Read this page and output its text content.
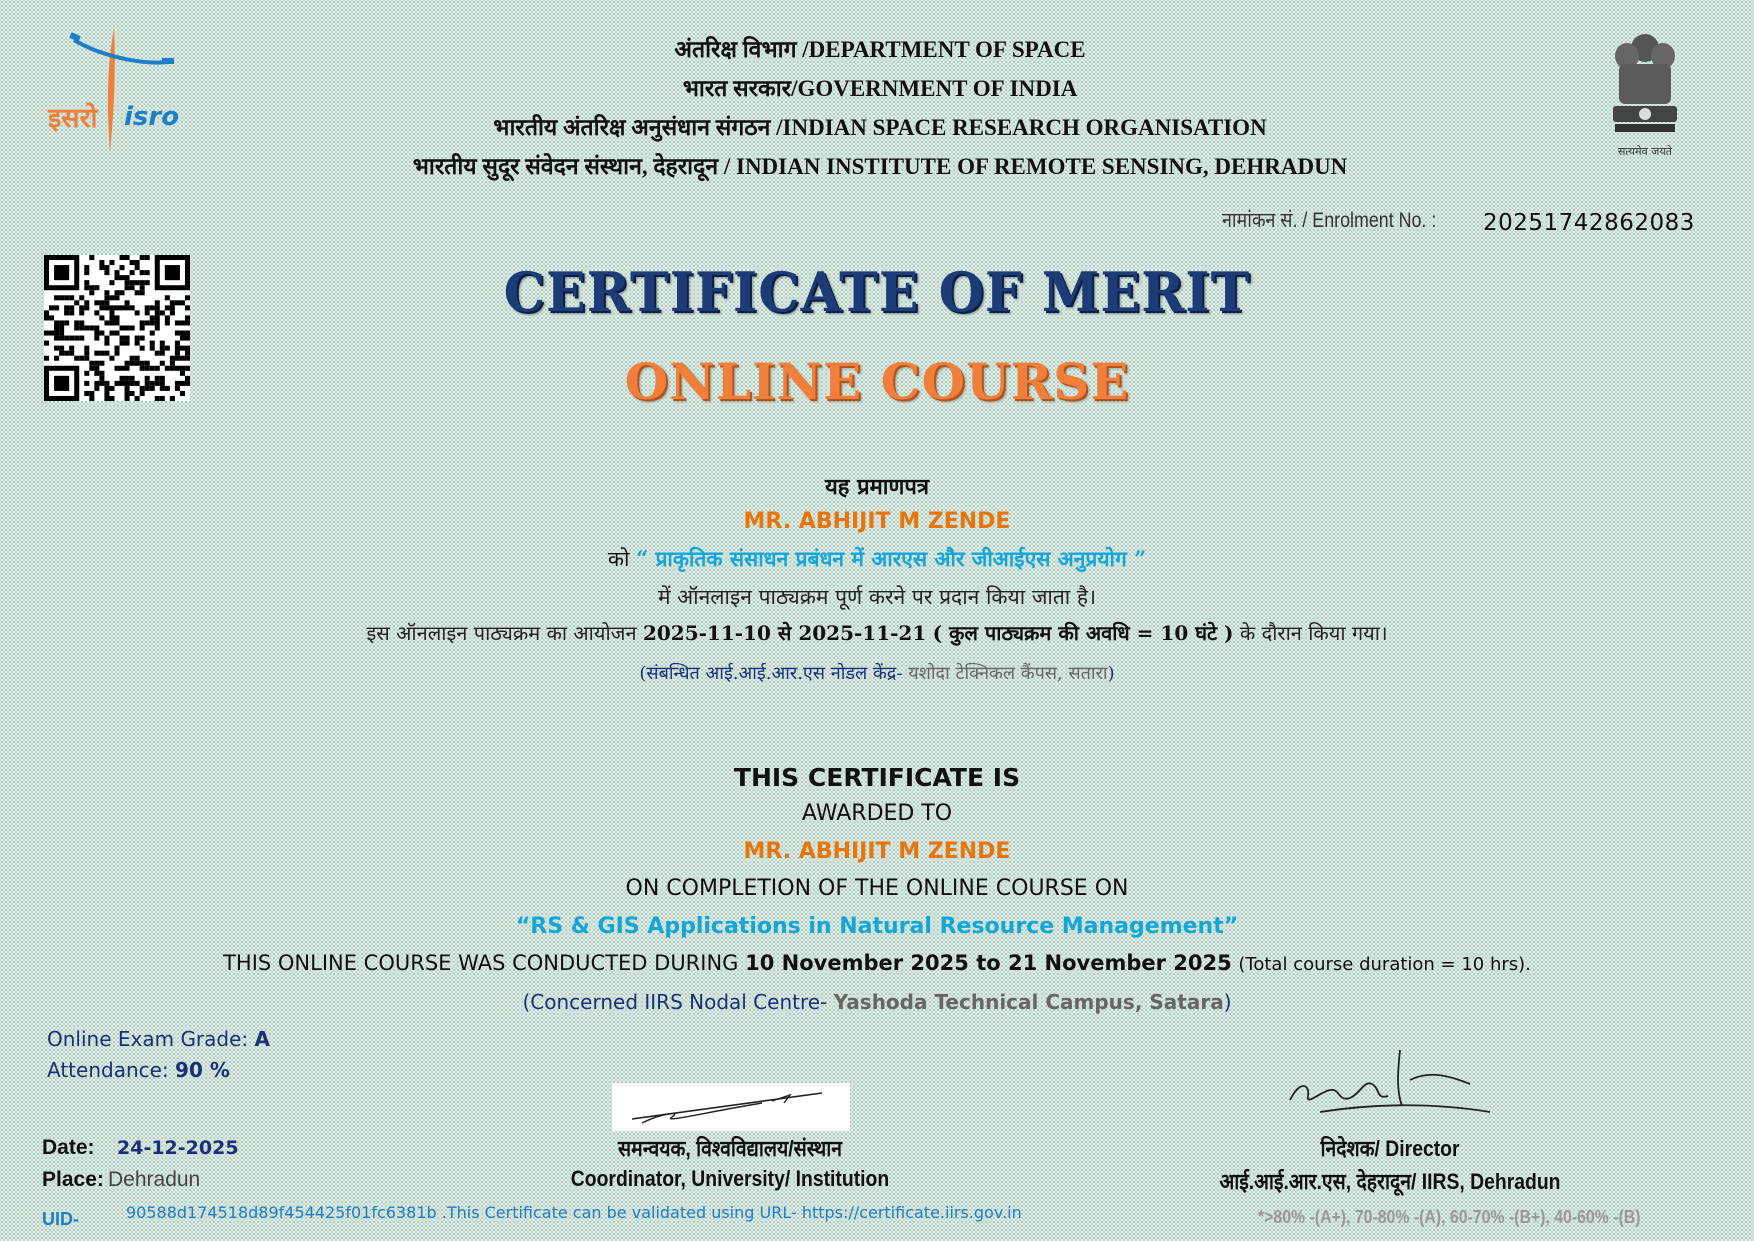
इसरो isro
अंतरिक्ष विभाग /DEPARTMENT OF SPACE
भारत सरकार/GOVERNMENT OF INDIA
भारतीय अंतरिक्ष अनुसंधान संगठन /INDIAN SPACE RESEARCH ORGANISATION
भारतीय सुदूर संवेदन संस्थान, देहरादून / INDIAN INSTITUTE OF REMOTE SENSING, DEHRADUN
सत्यमेव जयते
नामांकन सं. / Enrolment No. :	20251742862083
CERTIFICATE OF MERIT
ONLINE COURSE
यह प्रमाणपत्र
MR. ABHIJIT M ZENDE
को “ प्राकृतिक संसाधन प्रबंधन में आरएस और जीआईएस अनुप्रयोग ”
में ऑनलाइन पाठ्यक्रम पूर्ण करने पर प्रदान किया जाता है।
इस ऑनलाइन पाठ्यक्रम का आयोजन 2025-11-10 से 2025-11-21 ( कुल पाठ्यक्रम की अवधि = 10 घंटे ) के दौरान किया गया।
(संबन्धित आई.आई.आर.एस नोडल केंद्र- यशोदा टेक्निकल कैंपस, सतारा)
THIS CERTIFICATE IS
AWARDED TO
MR. ABHIJIT M ZENDE
ON COMPLETION OF THE ONLINE COURSE ON
“RS & GIS Applications in Natural Resource Management”
THIS ONLINE COURSE WAS CONDUCTED DURING 10 November 2025 to 21 November 2025 (Total course duration = 10 hrs).
(Concerned IIRS Nodal Centre- Yashoda Technical Campus, Satara)
Online Exam Grade: A
Attendance: 90 %
Date: 24-12-2025
Place: Dehradun
समन्वयक, विश्वविद्यालय/संस्थान
Coordinator, University/ Institution
निदेशक/ Director
आई.आई.आर.एस, देहरादून/ IIRS, Dehradun
UID-	90588d174518d89f454425f01fc6381b .This Certificate can be validated using URL- https://certificate.iirs.gov.in	*>80% -(A+), 70-80% -(A), 60-70% -(B+), 40-60% -(B)
